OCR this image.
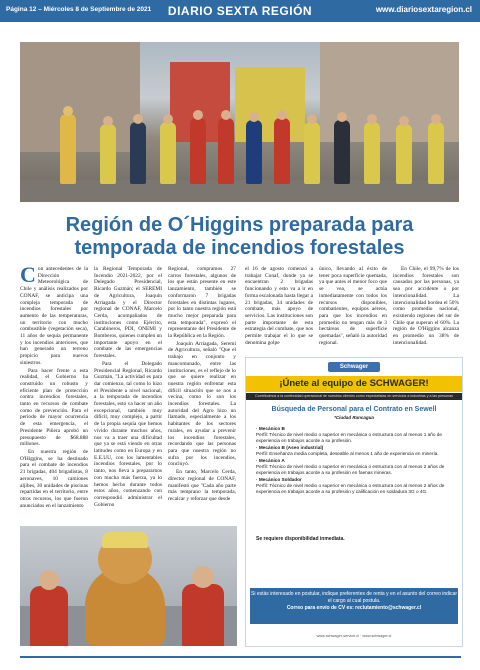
Página 12 – Miércoles 8 de Septiembre de 2021	DIARIO SEXTA REGIÓN	www.diariosextaregion.cl
Región de O´Higgins preparada para
temporada de incendios forestales

Con antecedentes de la Dirección Meteorológica de Chile y análisis realizados por CONAF, se anticipa una compleja temporada de incendios forestales por aumento de las temperaturas, un territorio con mucho combustible (vegetación seca), 11 años de sequía permanente y los incendios anteriores, que han generado un terreno propicio para nuevos siniestros.

Para hacer frente a esta realidad, el Gobierno ha construido un robusto y eficiente plan de protección contra incendios forestales, tanto en recursos de combate como de prevención. Para el período de mayor ocurrencia de esta emergencia, el Presidente Piñera aprobó un presupuesto de $68.888 millones.

En nuestra región de O'Higgins, se ha destinado para el combate de incendios 21 brigadas, 404 brigadistas, 8 aeronaves, 10 camiones aljibes, 30 unidades de piscinas repartidas en el territorio, entre otros recursos, los que fueron anunciados en el lanzamiento

la Regional Temporada de Incendio 2021-2022, por el Delegado Presidencial, Ricardo Guzmán; el SEREMI de Agricultura, Joaquín Arriagada y el Director regional de CONAF, Marcelo Cerda, acompañados de instituciones como Ejército, Carabineros, PDI, ONEMI y Bomberos, quienes cumplen un importante apoyo en el combate de las emergencias forestales.

Para el Delegado Presidencial Regional, Ricardo Guzmán, "La actividad es para dar comienzo, tal como lo hizo el Presidente a nivel nacional, a la temporada de incendios forestales, esto va hacer un año excepcional, también muy difícil, muy complejo, a partir de la propia sequía que hemos vivido durante muchos años, nos va a traer una dificultad que ya se está viendo en otras latitudes como en Europa y en E.E.UU, con los lamentables incendios forestales, por lo tanto, nos lleva a prepararnos con mucha más fuerza, ya lo hemos hecho durante todos estos años, comenzando con correspondió administrar el Gobierno

Regional, compramos 27 carros forestales, algunos de los que están presente en este lanzamiento, también se conformaron 7 brigadas forestales en distintas lugares, por lo tanto nuestra región está mucho mejor preparada para esta temporada", expresó el representante del Presidente de la República en la Región.

Joaquín Arriagada, Seremi de Agricultura, señaló "Que el trabajo en conjunto y mancomunado, entre las instituciones, es el reflejo de lo que se quiere realizar en nuestra región enfrentar esta difícil situación que se nos a vecina, como lo son los incendios forestales. La autoridad del Agro hizo un llamado, especialmente a los habitantes de los sectores rurales, en ayudar a prevenir los incendios forestales, recordando que las personas para que nuestra región no sufra por los incendios, concluyó.

En tanto, Marcelo Cerda, director regional de CONAF, manifestó que "Cada año parte más temprano la temporada, recalcar y reforzar que desde

el 16 de agosto comenzó a trabajar Conaf, donde ya se encuentran 2 brigadas funcionando y esto va a ir en forma escalonada hasta llegar a 21 brigadas, 34 unidades de combate, más apoyo de servicios. Las instituciones son parte importante de esta estrategia del combate, que nos permite trabajar el lo que se denomina golpe

único, llevando al éxito de tener poca superficie quemada, ya que antes el menor foco que se vea, se actúa inmediatamente con todos los recursos disponibles, combatientes, equipos aéreos, para que los incendios en promedio no tengan más de 3 hectáreas de superficie quemadas", señaló la autoridad regional.

En Chile, el 99,7% de los incendios forestales son causados por las personas, ya sea por accidente o por intencionalidad. La intencionalidad bordea el 50% como promedio nacional, existiendo regiones del sur de Chile que superan el 60%. La región de O'Higgins alcanza en promedio un 38% de intencionalidad.

Schwager
¡Únete al equipo de SCHWAGER!
Contribuimos a la continuidad operacional de nuestros clientes como especialistas en servicios a industrias y a las personas
Búsqueda de Personal para el Contrato en Sewell
*Ciudad Rancagua
· Mecánico B
Perfil: Técnico de nivel medio o superior en mecánica o estructura con al menos 1 año de experiencia en trabajos acorde a su profesión.
· Mecánico B (Aseo industrial)
Perfil: Enseñanza media completa, deseable al menos 1 año de experiencia en minería.
· Mecánico A
Perfil: Técnico de nivel medio o superior en mecánica o estructura con al menos 2 años de experiencia en trabajos acorde a su profesión en faenas mineras.
· Mecánico Soldador
Perfil: Técnico de nivel medio o superior en mecánica o estructura con al menos 2 años de experiencia en trabajos acorde a su profesión y calificación en soldadura 3G o 4G.
Se requiere disponibilidad inmediata.
Si estás interesado en postular, indique preferentes de renta y en el asunto del correo indicar el cargo al cual postula.
Correo para envío de CV es: reclutamiento@schwager.cl
www.schwager-service.cl · www.schwager.cl
